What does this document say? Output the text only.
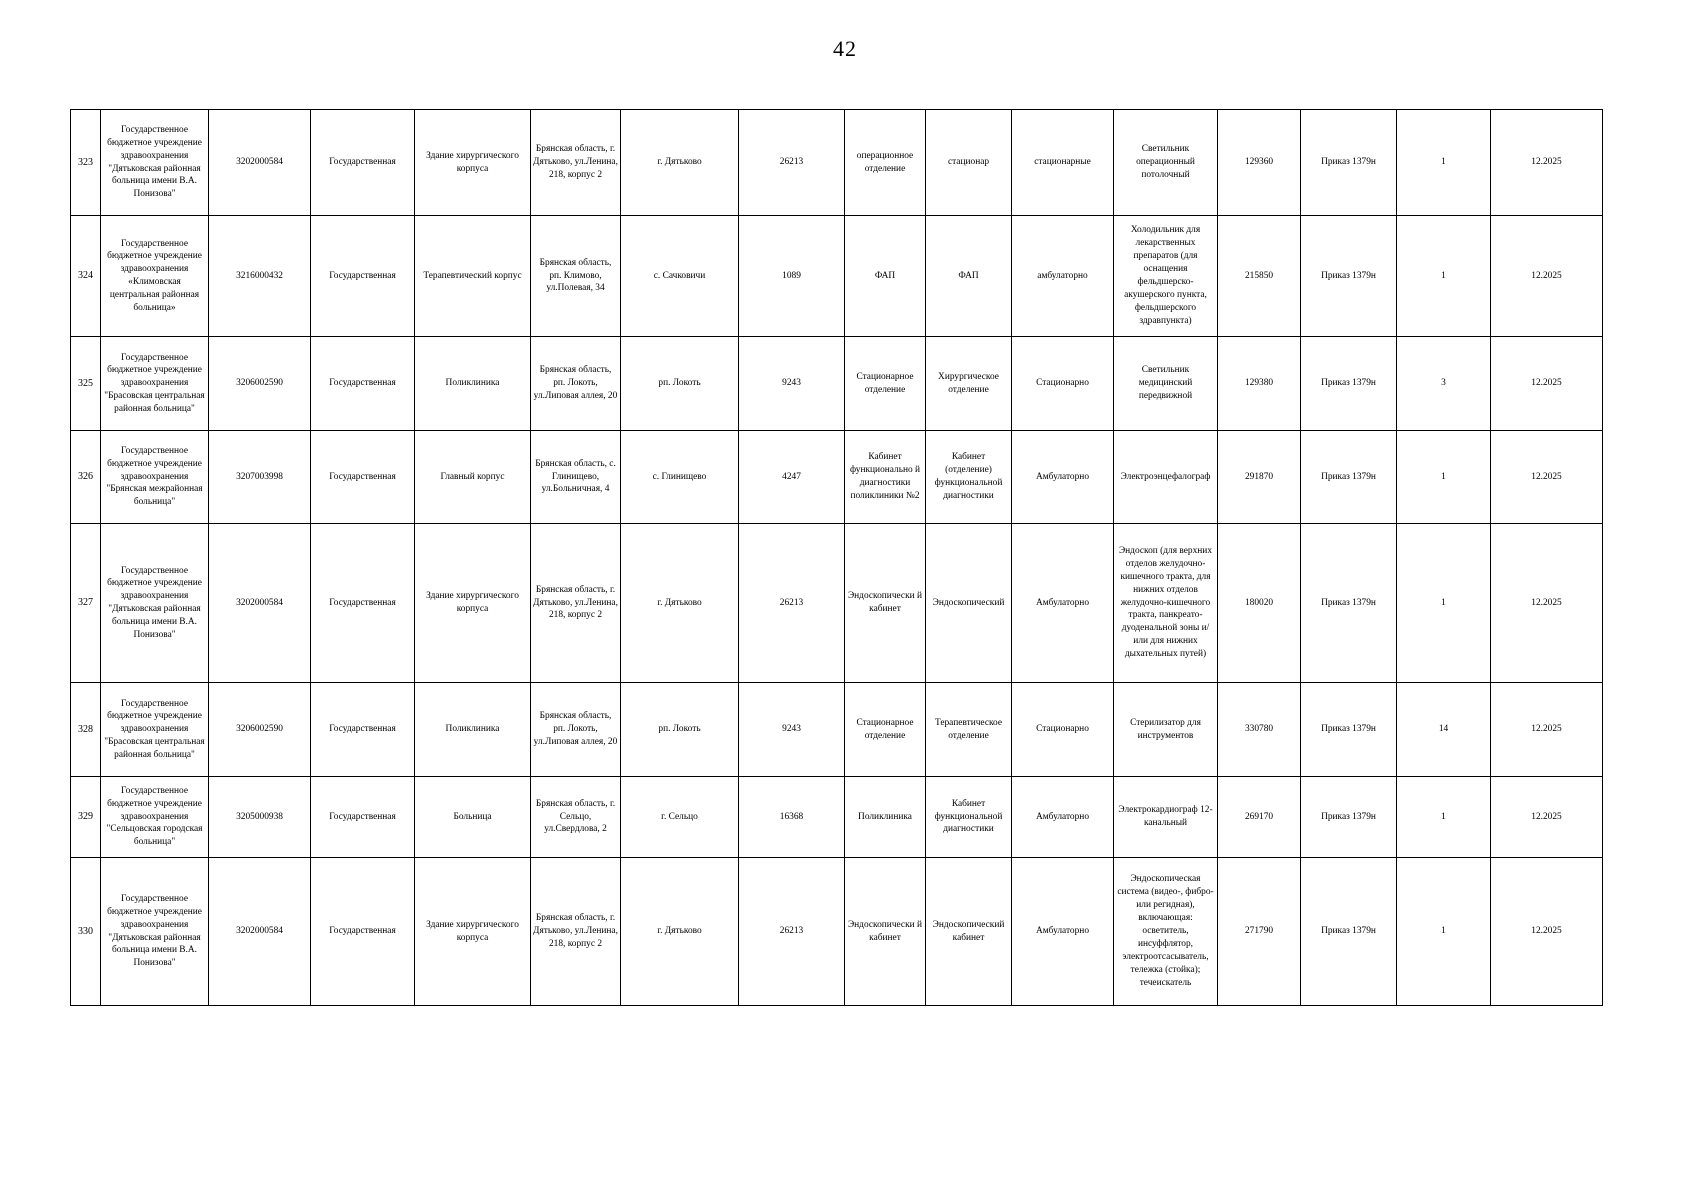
42
323	Государственное бюджетное учреждение здравоохранения "Дятьковская районная больница имени В.А. Понизова"	3202000584	Государственная	Здание хирургического корпуса	Брянская область, г. Дятьково, ул.Ленина, 218, корпус 2	г. Дятьково	26213	операционное отделение	стационар	стационарные	Светильник операционный потолочный	129360	Приказ 1379н	1	12.2025
324	Государственное бюджетное учреждение здравоохранения «Климовская центральная районная больница»	3216000432	Государственная	Терапевтический корпус	Брянская область, рп. Климово, ул.Полевая, 34	с. Сачковичи	1089	ФАП	ФАП	амбулаторно	Холодильник для лекарственных препаратов (для оснащения фельдшерско-акушерского пункта, фельдшерского здравпункта)	215850	Приказ 1379н	1	12.2025
325	Государственное бюджетное учреждение здравоохранения "Брасовская центральная районная больница"	3206002590	Государственная	Поликлиника	Брянская область, рп. Локоть, ул.Липовая аллея, 20	рп. Локоть	9243	Стационарное отделение	Хирургическое отделение	Стационарно	Светильник медицинский передвижной	129380	Приказ 1379н	3	12.2025
326	Государственное бюджетное учреждение здравоохранения "Брянская межрайонная больница"	3207003998	Государственная	Главный корпус	Брянская область, с. Глинищево, ул.Больничная, 4	с. Глинищево	4247	Кабинет функционально й диагностики поликлиники №2	Кабинет (отделение) функциональной диагностики	Амбулаторно	Электроэнцефалограф	291870	Приказ 1379н	1	12.2025
327	Государственное бюджетное учреждение здравоохранения "Дятьковская районная больница имени В.А. Понизова"	3202000584	Государственная	Здание хирургического корпуса	Брянская область, г. Дятьково, ул.Ленина, 218, корпус 2	г. Дятьково	26213	Эндоскопически й кабинет	Эндоскопический	Амбулаторно	Эндоскоп (для верхних отделов желудочно-кишечного тракта, для нижних отделов желудочно-кишечного тракта, панкреато-дуоденальной зоны и/или для нижних дыхательных путей)	180020	Приказ 1379н	1	12.2025
328	Государственное бюджетное учреждение здравоохранения "Брасовская центральная районная больница"	3206002590	Государственная	Поликлиника	Брянская область, рп. Локоть, ул.Липовая аллея, 20	рп. Локоть	9243	Стационарное отделение	Терапевтическое отделение	Стационарно	Стерилизатор для инструментов	330780	Приказ 1379н	14	12.2025
329	Государственное бюджетное учреждение здравоохранения "Сельцовская городская больница"	3205000938	Государственная	Больница	Брянская область, г. Сельцо, ул.Свердлова, 2	г. Сельцо	16368	Поликлиника	Кабинет функциональной диагностики	Амбулаторно	Электрокардиограф 12-канальный	269170	Приказ 1379н	1	12.2025
330	Государственное бюджетное учреждение здравоохранения "Дятьковская районная больница имени В.А. Понизова"	3202000584	Государственная	Здание хирургического корпуса	Брянская область, г. Дятьково, ул.Ленина, 218, корпус 2	г. Дятьково	26213	Эндоскопически й кабинет	Эндоскопический кабинет	Амбулаторно	Эндоскопическая система (видео-, фибро- или регидная), включающая: осветитель, инсуффлятор, электроотсасыватель, тележка (стойка); течеискатель	271790	Приказ 1379н	1	12.2025
